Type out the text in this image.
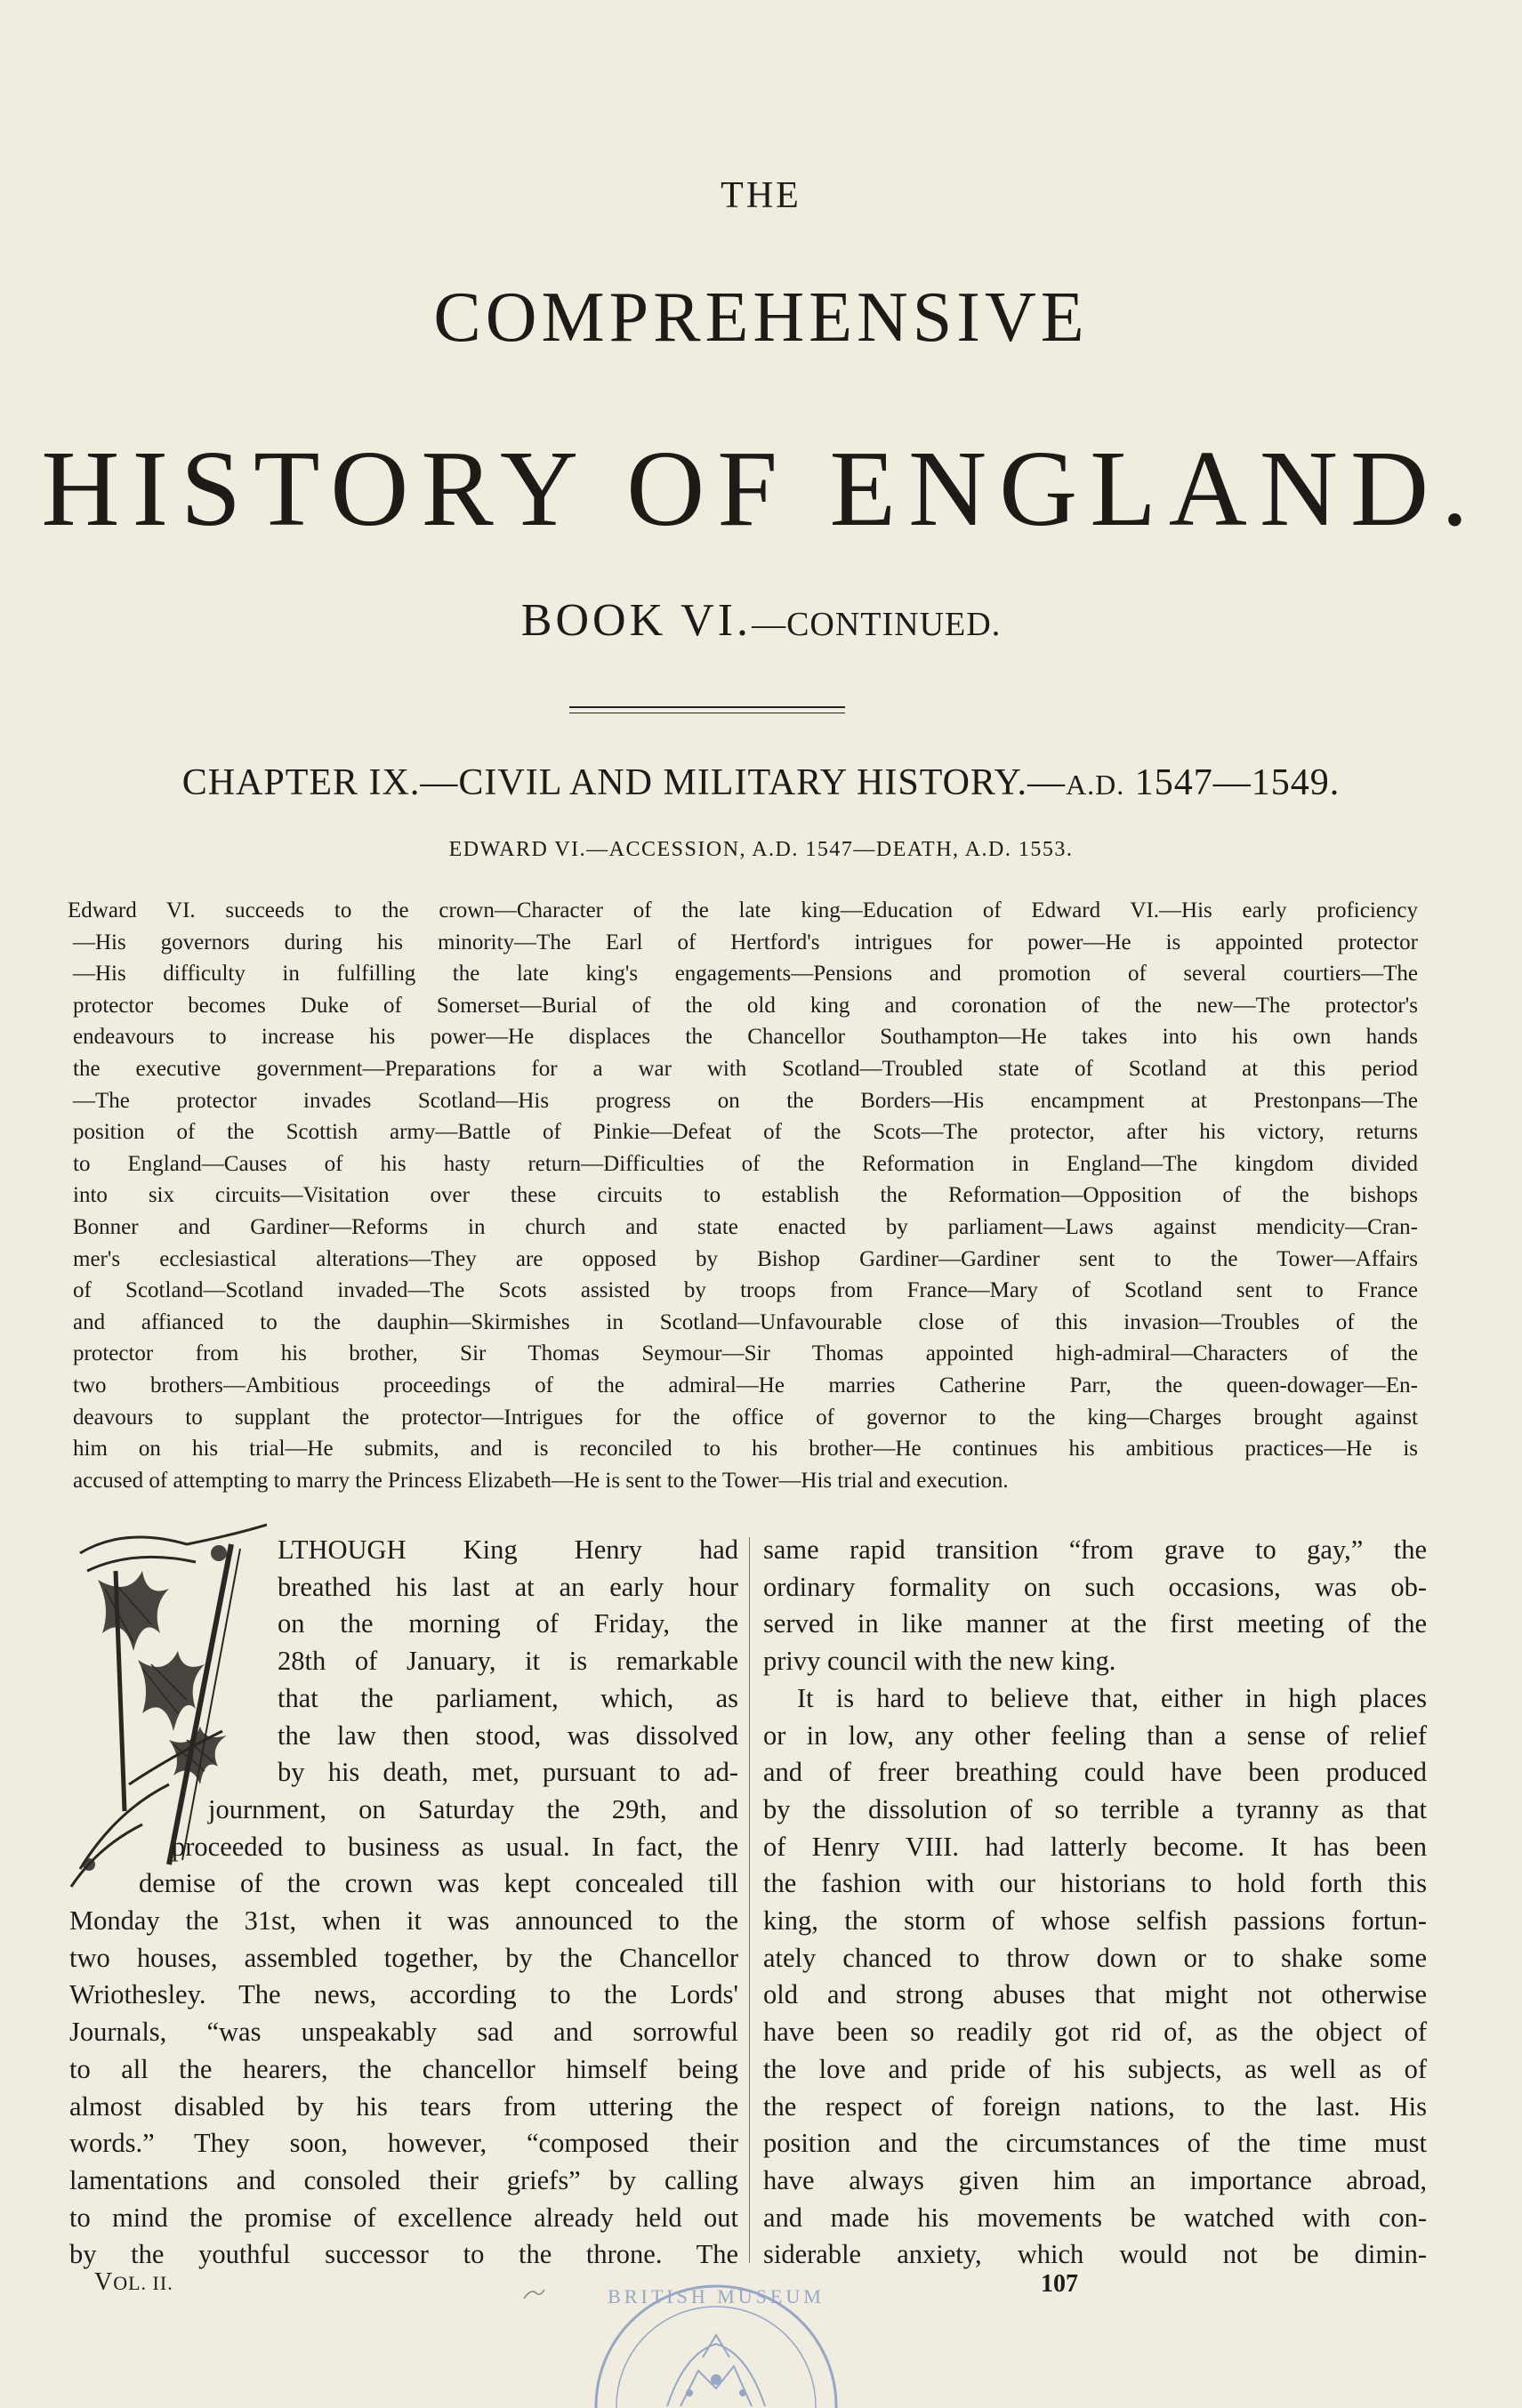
THE
COMPREHENSIVE
HISTORY OF ENGLAND.
BOOK VI.—CONTINUED.
CHAPTER IX.—CIVIL AND MILITARY HISTORY.—A.D. 1547—1549.
EDWARD VI.—ACCESSION, A.D. 1547—DEATH, A.D. 1553.
Edward VI. succeeds to the crown—Character of the late king—Education of Edward VI.—His early proficiency
—His governors during his minority—The Earl of Hertford's intrigues for power—He is appointed protector
—His difficulty in fulfilling the late king's engagements—Pensions and promotion of several courtiers—The
protector becomes Duke of Somerset—Burial of the old king and coronation of the new—The protector's
endeavours to increase his power—He displaces the Chancellor Southampton—He takes into his own hands
the executive government—Preparations for a war with Scotland—Troubled state of Scotland at this period
—The protector invades Scotland—His progress on the Borders—His encampment at Prestonpans—The
position of the Scottish army—Battle of Pinkie—Defeat of the Scots—The protector, after his victory, returns
to England—Causes of his hasty return—Difficulties of the Reformation in England—The kingdom divided
into six circuits—Visitation over these circuits to establish the Reformation—Opposition of the bishops
Bonner and Gardiner—Reforms in church and state enacted by parliament—Laws against mendicity—Cran-
mer's ecclesiastical alterations—They are opposed by Bishop Gardiner—Gardiner sent to the Tower—Affairs
of Scotland—Scotland invaded—The Scots assisted by troops from France—Mary of Scotland sent to France
and affianced to the dauphin—Skirmishes in Scotland—Unfavourable close of this invasion—Troubles of the
protector from his brother, Sir Thomas Seymour—Sir Thomas appointed high-admiral—Characters of the
two brothers—Ambitious proceedings of the admiral—He marries Catherine Parr, the queen-dowager—En-
deavours to supplant the protector—Intrigues for the office of governor to the king—Charges brought against
him on his trial—He submits, and is reconciled to his brother—He continues his ambitious practices—He is
accused of attempting to marry the Princess Elizabeth—He is sent to the Tower—His trial and execution.
LTHOUGH King Henry had
breathed his last at an early hour
on the morning of Friday, the
28th of January, it is remarkable
that the parliament, which, as
the law then stood, was dissolved
by his death, met, pursuant to ad-
journment, on Saturday the 29th, and
proceeded to business as usual. In fact, the
demise of the crown was kept concealed till
Monday the 31st, when it was announced to the
two houses, assembled together, by the Chancellor
Wriothesley. The news, according to the Lords'
Journals, “was unspeakably sad and sorrowful
to all the hearers, the chancellor himself being
almost disabled by his tears from uttering the
words.” They soon, however, “composed their
lamentations and consoled their griefs” by calling
to mind the promise of excellence already held out
by the youthful successor to the throne. The
same rapid transition “from grave to gay,” the
ordinary formality on such occasions, was ob-
served in like manner at the first meeting of the
privy council with the new king.
It is hard to believe that, either in high places
or in low, any other feeling than a sense of relief
and of freer breathing could have been produced
by the dissolution of so terrible a tyranny as that
of Henry VIII. had latterly become. It has been
the fashion with our historians to hold forth this
king, the storm of whose selfish passions fortun-
ately chanced to throw down or to shake some
old and strong abuses that might not otherwise
have been so readily got rid of, as the object of
the love and pride of his subjects, as well as of
the respect of foreign nations, to the last. His
position and the circumstances of the time must
have always given him an importance abroad,
and made his movements be watched with con-
siderable anxiety, which would not be dimin-
VOL. II.	107
BRITISH MUSEUM
